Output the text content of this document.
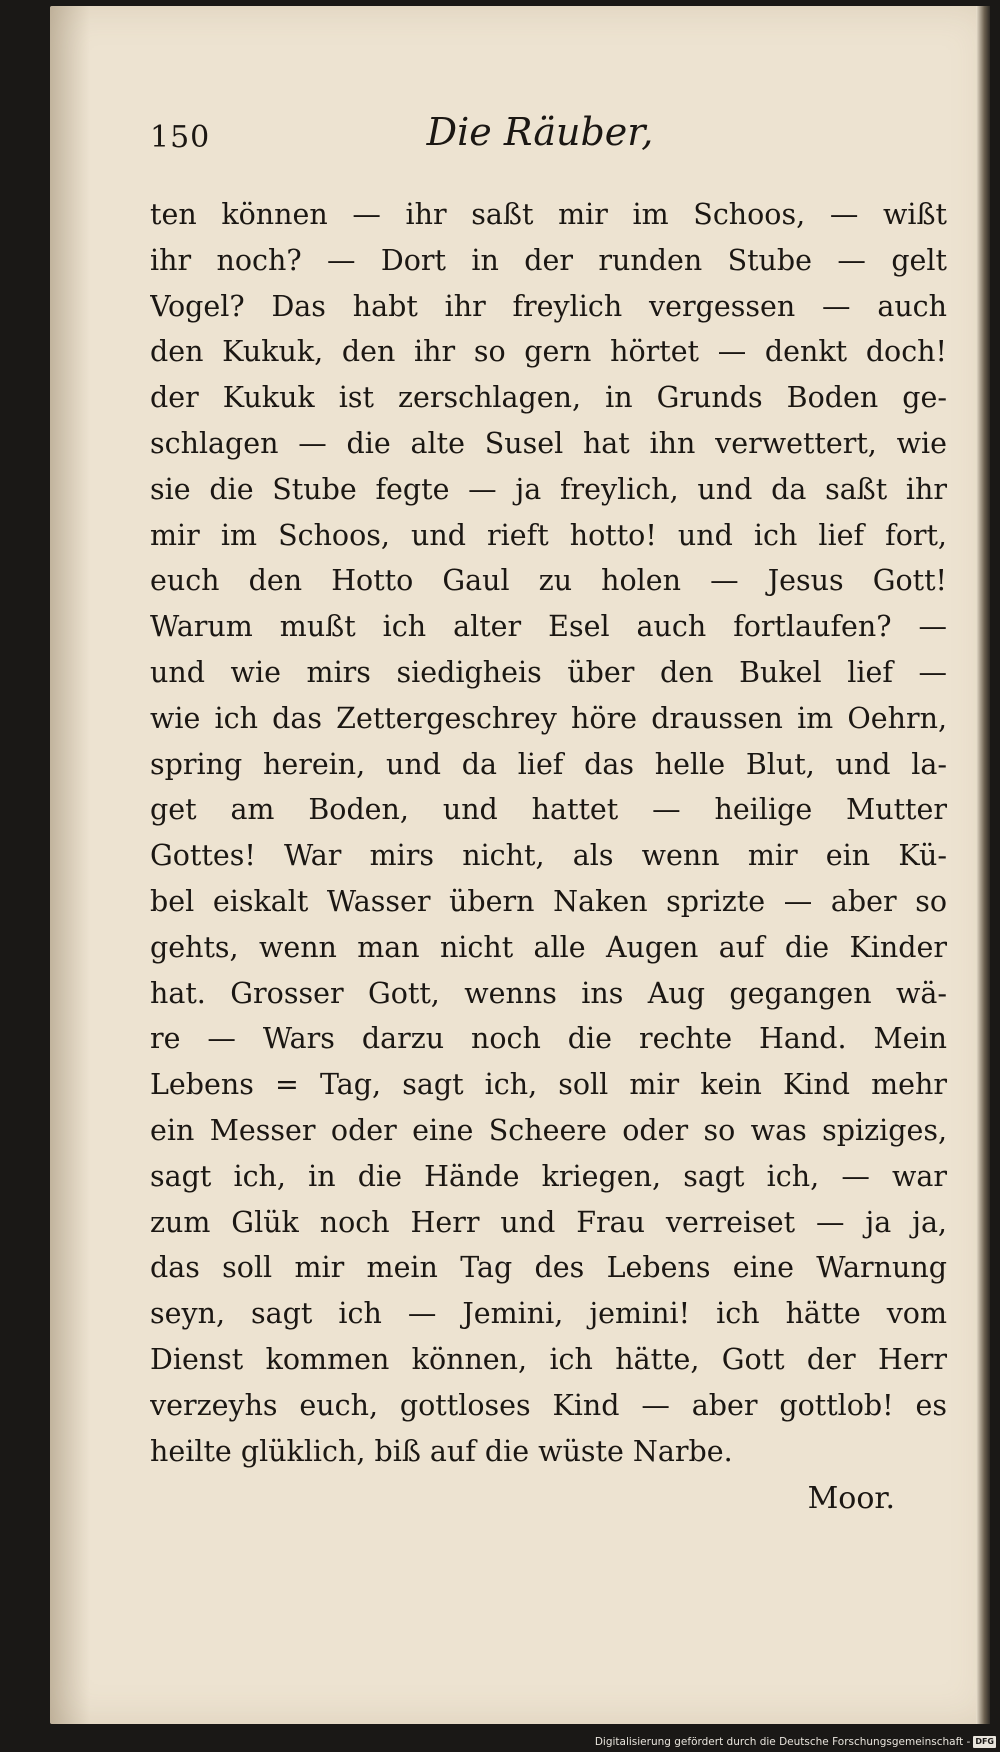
150	Die Räuber,
ten können — ihr saßt mir im Schoos, — wißt
ihr noch? — Dort in der runden Stube — gelt
Vogel? Das habt ihr freylich vergessen — auch
den Kukuk, den ihr so gern hörtet — denkt doch!
der Kukuk ist zerschlagen, in Grunds Boden ge-
schlagen — die alte Susel hat ihn verwettert, wie
sie die Stube fegte — ja freylich, und da saßt ihr
mir im Schoos, und rieft hotto! und ich lief fort,
euch den Hotto Gaul zu holen — Jesus Gott!
Warum mußt ich alter Esel auch fortlaufen? —
und wie mirs siedigheis über den Bukel lief —
wie ich das Zettergeschrey höre draussen im Oehrn,
spring herein, und da lief das helle Blut, und la-
get am Boden, und hattet — heilige Mutter
Gottes! War mirs nicht, als wenn mir ein Kü-
bel eiskalt Wasser übern Naken sprizte — aber so
gehts, wenn man nicht alle Augen auf die Kinder
hat. Grosser Gott, wenns ins Aug gegangen wä-
re — Wars darzu noch die rechte Hand. Mein
Lebens = Tag, sagt ich, soll mir kein Kind mehr
ein Messer oder eine Scheere oder so was spiziges,
sagt ich, in die Hände kriegen, sagt ich, — war
zum Glük noch Herr und Frau verreiset — ja ja,
das soll mir mein Tag des Lebens eine Warnung
seyn, sagt ich — Jemini, jemini! ich hätte vom
Dienst kommen können, ich hätte, Gott der Herr
verzeyhs euch, gottloses Kind — aber gottlob! es
heilte glüklich, biß auf die wüste Narbe.
Moor.
Digitalisierung gefördert durch die Deutsche Forschungsgemeinschaft - DFG
